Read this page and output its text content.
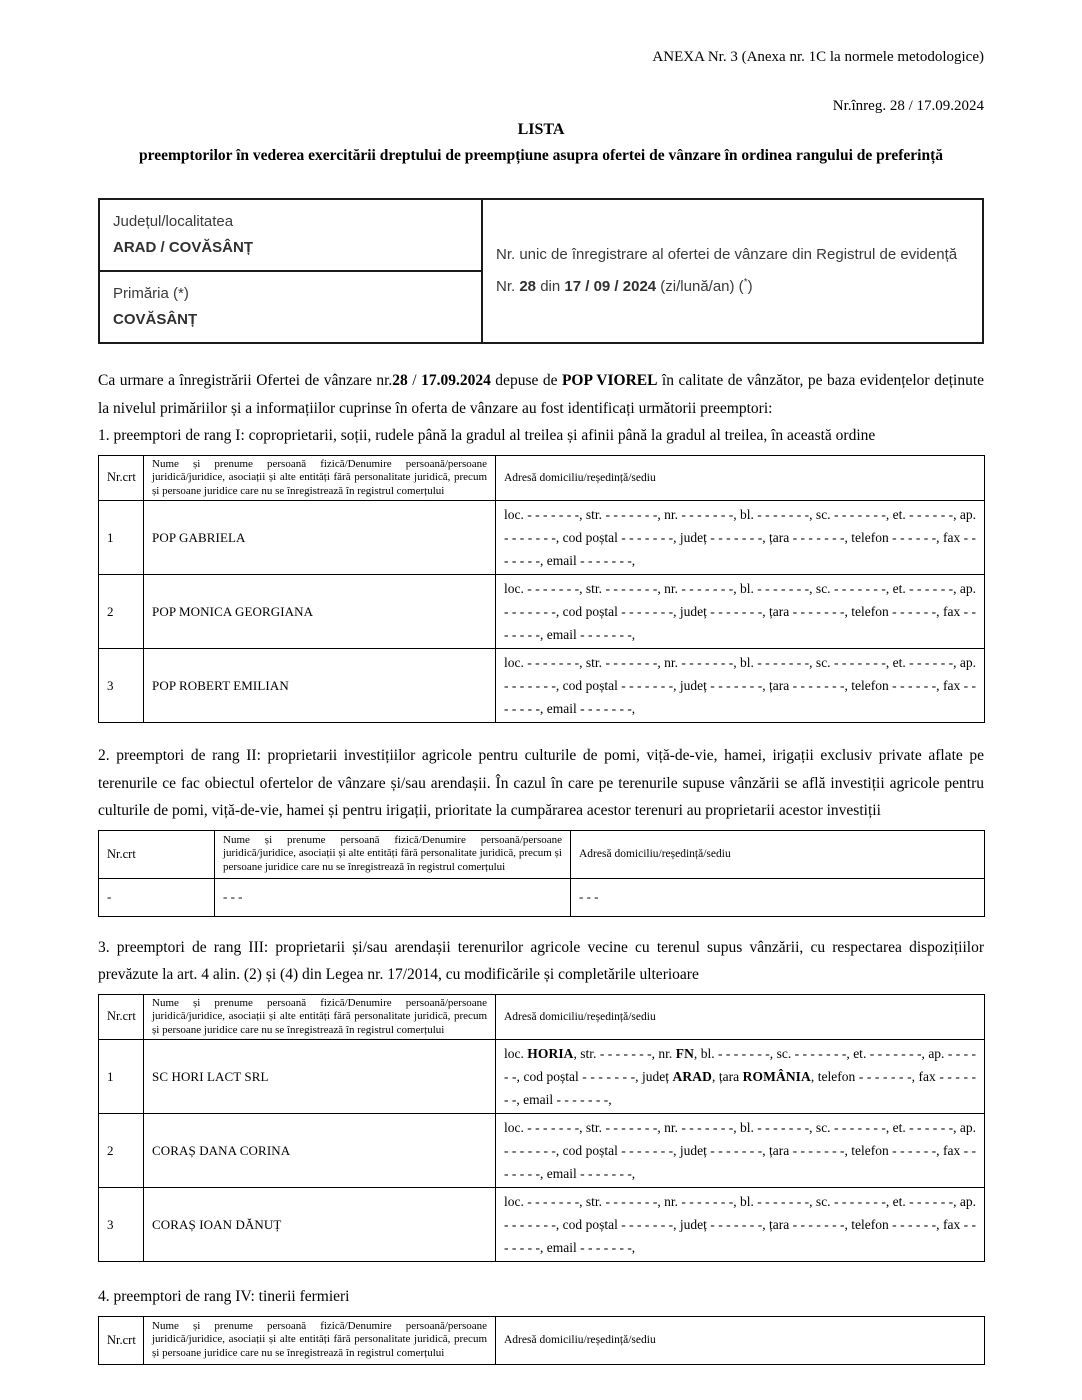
ANEXA Nr. 3 (Anexa nr. 1C la normele metodologice)

Nr.înreg. 28 / 17.09.2024

LISTA

preemptorilor în vederea exercitării dreptului de preempțiune asupra ofertei de vânzare în ordinea rangului de preferință

Județul/localitatea
ARAD / COVĂSÂNȚ	Nr. unic de înregistrare al ofertei de vânzare din Registrul de evidență
Nr. 28 din 17 / 09 / 2024 (zi/lună/an) (*)

Primăria (*)
COVĂSÂNȚ

Ca urmare a înregistrării Ofertei de vânzare nr.28 / 17.09.2024 depuse de POP VIOREL în calitate de vânzător, pe baza evidențelor deținute la nivelul primăriilor și a informațiilor cuprinse în oferta de vânzare au fost identificați următorii preemptori:

1. preemptori de rang I: coproprietarii, soții, rudele până la gradul al treilea și afinii până la gradul al treilea, în această ordine

Nr.crt	Nume și prenume persoană fizică/Denumire persoană/persoane juridică/juridice, asociații și alte entități fără personalitate juridică, precum și persoane juridice care nu se înregistrează în registrul comerțului	Adresă domiciliu/reședință/sediu
1	POP GABRIELA	loc. - - - - - - -, str. - - - - - - -, nr. - - - - - - -, bl. - - - - - - -, sc. - - - - - - -, et. - - - - - -, ap. - - - - - - -, cod poștal - - - - - - -, județ - - - - - - -, țara - - - - - - -, telefon - - - - - -, fax - - - - - - -, email - - - - - - -,
2	POP MONICA GEORGIANA	loc. - - - - - - -, str. - - - - - - -, nr. - - - - - - -, bl. - - - - - - -, sc. - - - - - - -, et. - - - - - -, ap. - - - - - - -, cod poștal - - - - - - -, județ - - - - - - -, țara - - - - - - -, telefon - - - - - -, fax - - - - - - -, email - - - - - - -,
3	POP ROBERT EMILIAN	loc. - - - - - - -, str. - - - - - - -, nr. - - - - - - -, bl. - - - - - - -, sc. - - - - - - -, et. - - - - - -, ap. - - - - - - -, cod poștal - - - - - - -, județ - - - - - - -, țara - - - - - - -, telefon - - - - - -, fax - - - - - - -, email - - - - - - -,

2. preemptori de rang II: proprietarii investițiilor agricole pentru culturile de pomi, viță-de-vie, hamei, irigații exclusiv private aflate pe terenurile ce fac obiectul ofertelor de vânzare și/sau arendașii. În cazul în care pe terenurile supuse vânzării se află investiții agricole pentru culturile de pomi, viță-de-vie, hamei și pentru irigații, prioritate la cumpărarea acestor terenuri au proprietarii acestor investiții

Nr.crt	Nume și prenume persoană fizică/Denumire persoană/persoane juridică/juridice, asociații și alte entități fără personalitate juridică, precum și persoane juridice care nu se înregistrează în registrul comerțului	Adresă domiciliu/reședință/sediu
-	- - -	- - -

3. preemptori de rang III: proprietarii și/sau arendașii terenurilor agricole vecine cu terenul supus vânzării, cu respectarea dispozițiilor prevăzute la art. 4 alin. (2) și (4) din Legea nr. 17/2014, cu modificările și completările ulterioare

Nr.crt	Nume și prenume persoană fizică/Denumire persoană/persoane juridică/juridice, asociații și alte entități fără personalitate juridică, precum și persoane juridice care nu se înregistrează în registrul comerțului	Adresă domiciliu/reședință/sediu
1	SC HORI LACT SRL	loc. HORIA, str. - - - - - - -, nr. FN, bl. - - - - - - -, sc. - - - - - - -, et. - - - - - - -, ap. - - - - - -, cod poștal - - - - - - -, județ ARAD, țara ROMÂNIA, telefon - - - - - - -, fax - - - - - - -, email - - - - - - -,
2	CORAȘ DANA CORINA	loc. - - - - - - -, str. - - - - - - -, nr. - - - - - - -, bl. - - - - - - -, sc. - - - - - - -, et. - - - - - -, ap. - - - - - - -, cod poștal - - - - - - -, județ - - - - - - -, țara - - - - - - -, telefon - - - - - -, fax - - - - - - -, email - - - - - - -,
3	CORAȘ IOAN DĂNUȚ	loc. - - - - - - -, str. - - - - - - -, nr. - - - - - - -, bl. - - - - - - -, sc. - - - - - - -, et. - - - - - -, ap. - - - - - - -, cod poștal - - - - - - -, județ - - - - - - -, țara - - - - - - -, telefon - - - - - -, fax - - - - - - -, email - - - - - - -,

4. preemptori de rang IV: tinerii fermieri

Nr.crt	Nume și prenume persoană fizică/Denumire persoană/persoane juridică/juridice, asociații și alte entități fără personalitate juridică, precum și persoane juridice care nu se înregistrează în registrul comerțului	Adresă domiciliu/reședință/sediu
